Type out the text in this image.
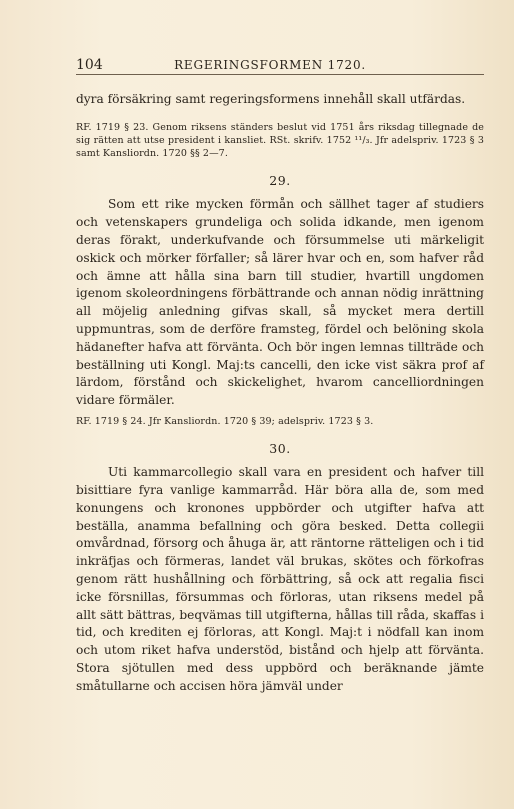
104	REGERINGSFORMEN 1720.

dyra försäkring samt regeringsformens innehåll skall utfärdas.

RF. 1719 § 23. Genom riksens ständers beslut vid 1751 års riksdag tillegnade de sig rätten att utse president i kansliet. RSt. skrifv. 1752 ¹¹/₃. Jfr adelspriv. 1723 § 3 samt Kansliordn. 1720 §§ 2—7.

29.

Som ett rike mycken förmån och sällhet tager af studiers och vetenskapers grundeliga och solida idkande, men igenom deras förakt, underkufvande och försummelse uti märkeligit oskick och mörker förfaller; så lärer hvar och en, som hafver råd och ämne att hålla sina barn till studier, hvartill ungdomen igenom skoleordningens förbättrande och annan nödig inrättning all möjelig anledning gifvas skall, så mycket mera dertill uppmuntras, som de derföre framsteg, fördel och belöning skola hädanefter hafva att förvänta. Och bör ingen lemnas tillträde och beställning uti Kongl. Maj:ts cancelli, den icke vist säkra prof af lärdom, förstånd och skickelighet, hvarom cancelliordningen vidare förmäler.

RF. 1719 § 24. Jfr Kansliordn. 1720 § 39; adelspriv. 1723 § 3.

30.

Uti kammarcollegio skall vara en president och hafver till bisittiare fyra vanlige kammarråd. Här böra alla de, som med konungens och kronones uppbörder och utgifter hafva att beställa, anamma befallning och göra besked. Detta collegii omvårdnad, försorg och åhuga är, att räntorne rätteligen och i tid inkräfjas och förmeras, landet väl brukas, skötes och förkofras genom rätt hushållning och förbättring, så ock att regalia fisci icke försnillas, försummas och förloras, utan riksens medel på allt sätt bättras, beqvämas till utgifterna, hållas till råda, skaffas i tid, och krediten ej förloras, att Kongl. Maj:t i nödfall kan inom och utom riket hafva understöd, bistånd och hjelp att förvänta. Stora sjötullen med dess uppbörd och beräknande jämte småtullarne och accisen höra jämväl under
